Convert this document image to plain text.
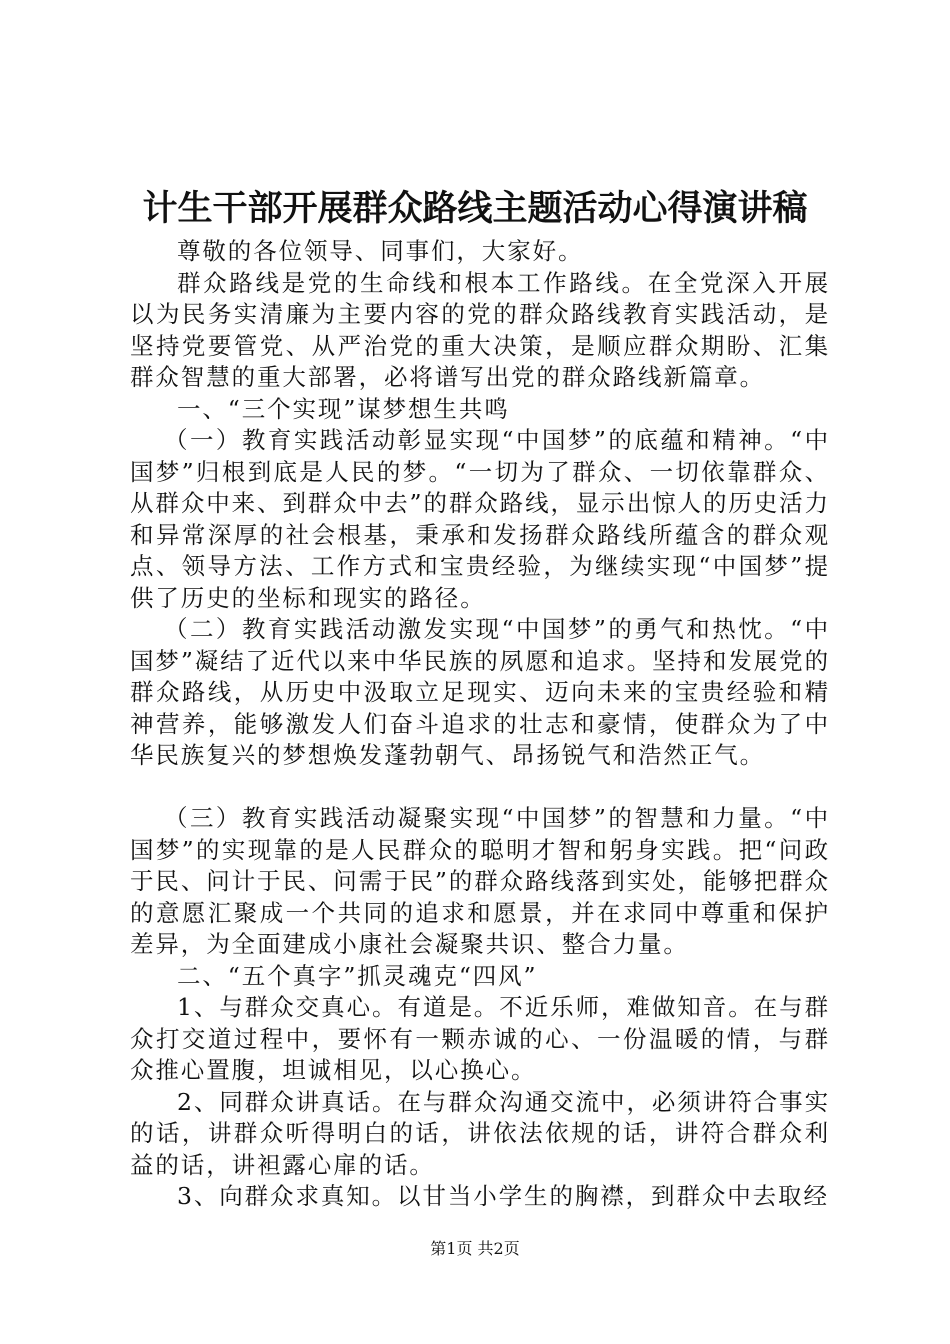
计生干部开展群众路线主题活动心得演讲稿

尊敬的各位领导、同事们，大家好。

群众路线是党的生命线和根本工作路线。在全党深入开展以为民务实清廉为主要内容的党的群众路线教育实践活动，是坚持党要管党、从严治党的重大决策，是顺应群众期盼、汇集群众智慧的重大部署，必将谱写出党的群众路线新篇章。

一、“三个实现”谋梦想生共鸣

（一）教育实践活动彰显实现“中国梦”的底蕴和精神。“中国梦”归根到底是人民的梦。“一切为了群众、一切依靠群众、从群众中来、到群众中去”的群众路线，显示出惊人的历史活力和异常深厚的社会根基，秉承和发扬群众路线所蕴含的群众观点、领导方法、工作方式和宝贵经验，为继续实现“中国梦”提供了历史的坐标和现实的路径。

（二）教育实践活动激发实现“中国梦”的勇气和热忱。“中国梦”凝结了近代以来中华民族的夙愿和追求。坚持和发展党的群众路线，从历史中汲取立足现实、迈向未来的宝贵经验和精神营养，能够激发人们奋斗追求的壮志和豪情，使群众为了中华民族复兴的梦想焕发蓬勃朝气、昂扬锐气和浩然正气。

（三）教育实践活动凝聚实现“中国梦”的智慧和力量。“中国梦”的实现靠的是人民群众的聪明才智和躬身实践。把“问政于民、问计于民、问需于民”的群众路线落到实处，能够把群众的意愿汇聚成一个共同的追求和愿景，并在求同中尊重和保护差异，为全面建成小康社会凝聚共识、整合力量。

二、“五个真字”抓灵魂克“四风”

1、与群众交真心。有道是。不近乐师，难做知音。在与群众打交道过程中，要怀有一颗赤诚的心、一份温暖的情，与群众推心置腹，坦诚相见，以心换心。

2、同群众讲真话。在与群众沟通交流中，必须讲符合事实的话，讲群众听得明白的话，讲依法依规的话，讲符合群众利益的话，讲袒露心扉的话。

3、向群众求真知。以甘当小学生的胸襟，到群众中去取经

第1页 共2页
